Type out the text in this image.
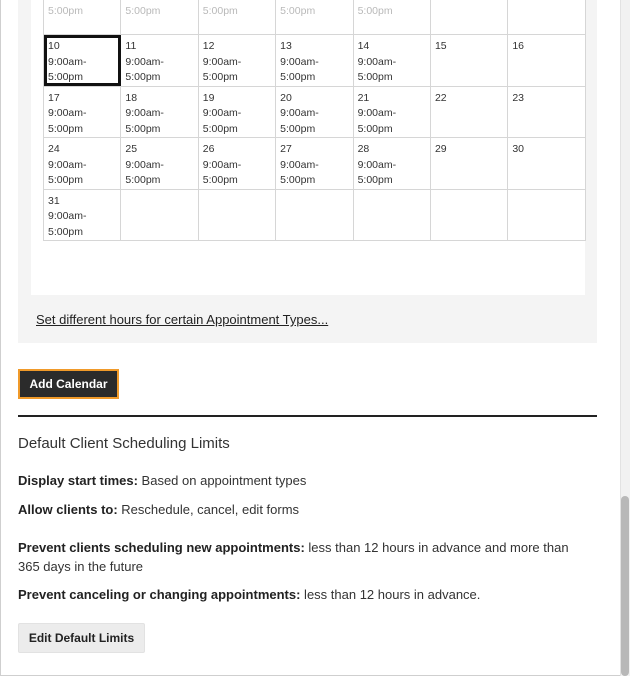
5:00pm	5:00pm	5:00pm	5:00pm	5:00pm		

10
9:00am-
5:00pm	11
9:00am-
5:00pm	12
9:00am-
5:00pm	13
9:00am-
5:00pm	14
9:00am-
5:00pm	15	16

17
9:00am-
5:00pm	18
9:00am-
5:00pm	19
9:00am-
5:00pm	20
9:00am-
5:00pm	21
9:00am-
5:00pm	22	23

24
9:00am-
5:00pm	25
9:00am-
5:00pm	26
9:00am-
5:00pm	27
9:00am-
5:00pm	28
9:00am-
5:00pm	29	30

31
9:00am-
5:00pm						

Set different hours for certain Appointment Types...
Add Calendar
Default Client Scheduling Limits
Display start times: Based on appointment types
Allow clients to: Reschedule, cancel, edit forms
Prevent clients scheduling new appointments: less than 12 hours in advance and more than 365 days in the future
Prevent canceling or changing appointments: less than 12 hours in advance.
Edit Default Limits
